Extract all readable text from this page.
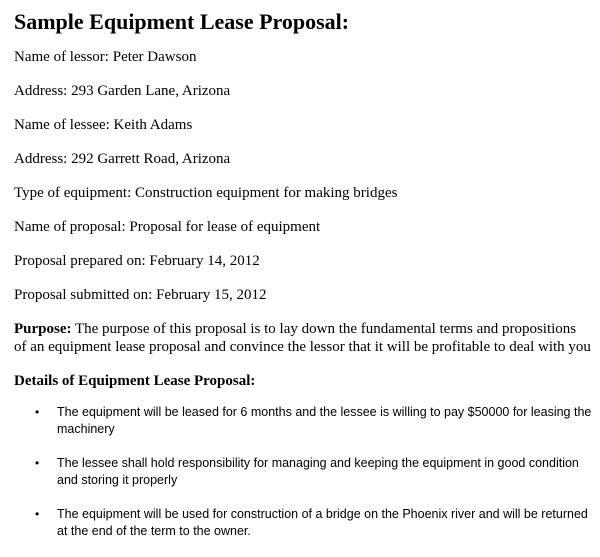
Sample Equipment Lease Proposal:
Name of lessor: Peter Dawson
Address: 293 Garden Lane, Arizona
Name of lessee: Keith Adams
Address: 292 Garrett Road, Arizona
Type of equipment: Construction equipment for making bridges
Name of proposal: Proposal for lease of equipment
Proposal prepared on: February 14, 2012
Proposal submitted on: February 15, 2012
Purpose: The purpose of this proposal is to lay down the fundamental terms and propositions of an equipment lease proposal and convince the lessor that it will be profitable to deal with you
Details of Equipment Lease Proposal:
• The equipment will be leased for 6 months and the lessee is willing to pay $50000 for leasing the machinery
• The lessee shall hold responsibility for managing and keeping the equipment in good condition and storing it properly
• The equipment will be used for construction of a bridge on the Phoenix river and will be returned at the end of the term to the owner.
